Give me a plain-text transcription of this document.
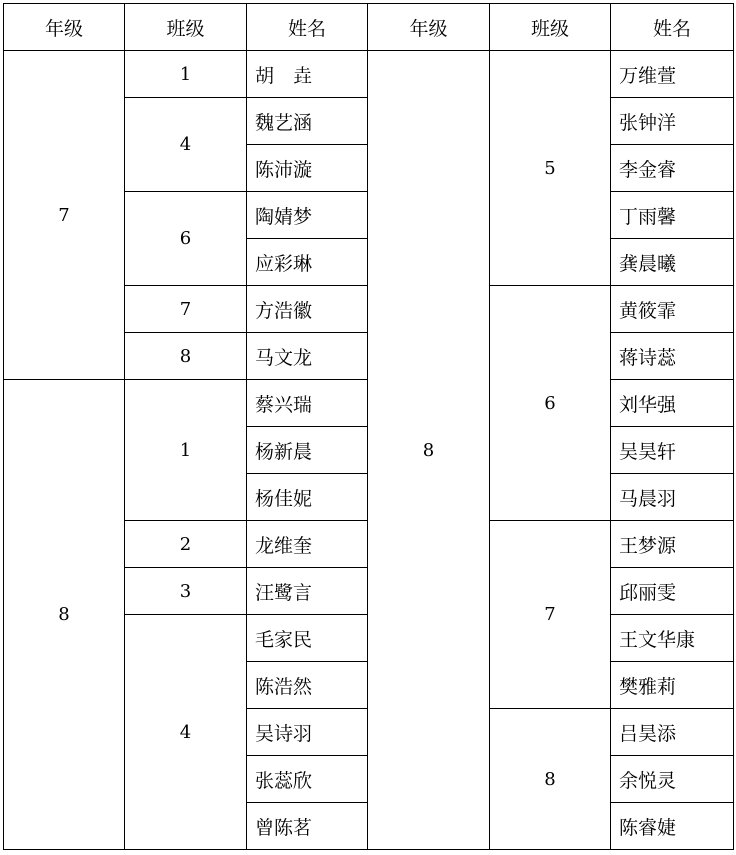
年级	班级	姓名	年级	班级	姓名
7	1	胡　垚	8	5	万维萱
	4	魏艺涵			张钟洋
		陈沛漩			李金睿
	6	陶婧梦			丁雨馨
		应彩琳			龚晨曦
	7	方浩徽		6	黄筱霏
	8	马文龙			蒋诗蕊
8	1	蔡兴瑞			刘华强
		杨新晨			吴昊轩
		杨佳妮			马晨羽
	2	龙维奎		7	王梦源
	3	汪鹭言			邱丽雯
	4	毛家民			王文华康
		陈浩然			樊雅莉
		吴诗羽		8	吕昊添
		张蕊欣			余悦灵
		曾陈茗			陈睿婕
